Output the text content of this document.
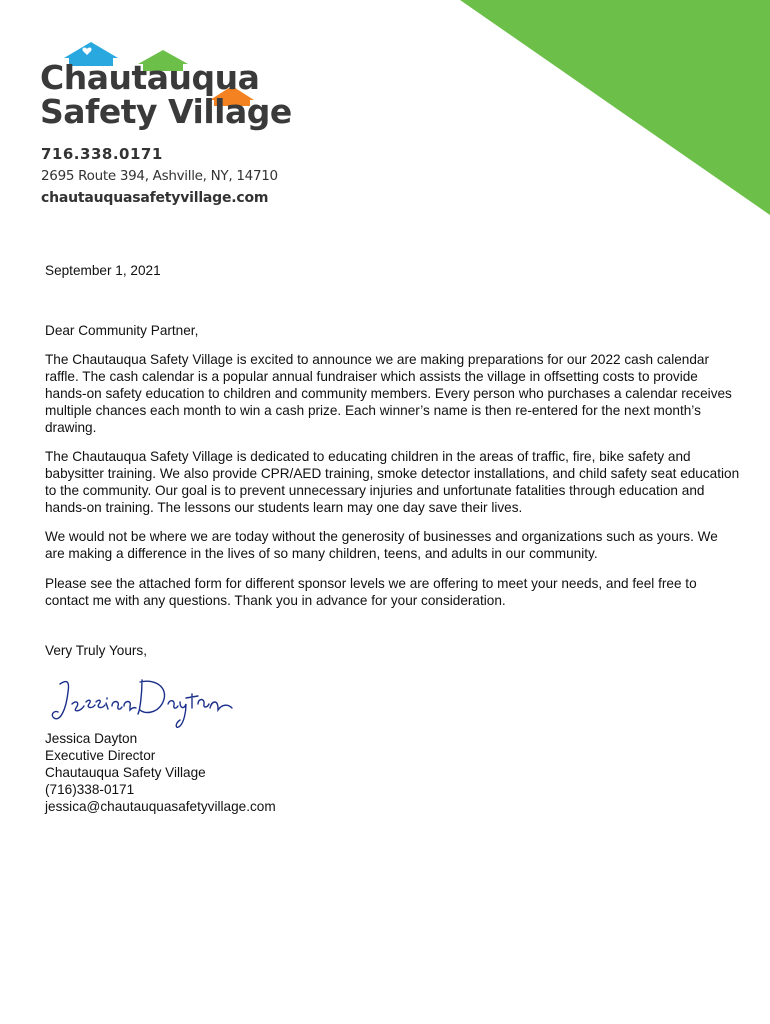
Chautauqua
Safety Village
716.338.0171
2695 Route 394, Ashville, NY, 14710
chautauquasafetyvillage.com
September 1, 2021
Dear Community Partner,

The Chautauqua Safety Village is excited to announce we are making preparations for our 2022 cash calendar raffle. The cash calendar is a popular annual fundraiser which assists the village in offsetting costs to provide hands-on safety education to children and community members. Every person who purchases a calendar receives multiple chances each month to win a cash prize. Each winner’s name is then re-entered for the next month’s drawing.

The Chautauqua Safety Village is dedicated to educating children in the areas of traffic, fire, bike safety and babysitter training. We also provide CPR/AED training, smoke detector installations, and child safety seat education to the community. Our goal is to prevent unnecessary injuries and unfortunate fatalities through education and hands-on training. The lessons our students learn may one day save their lives.

We would not be where we are today without the generosity of businesses and organizations such as yours. We are making a difference in the lives of so many children, teens, and adults in our community.

Please see the attached form for different sponsor levels we are offering to meet your needs, and feel free to contact me with any questions. Thank you in advance for your consideration.

Very Truly Yours,
Jessica Dayton
Executive Director
Chautauqua Safety Village
(716)338-0171
jessica@chautauquasafetyvillage.com
